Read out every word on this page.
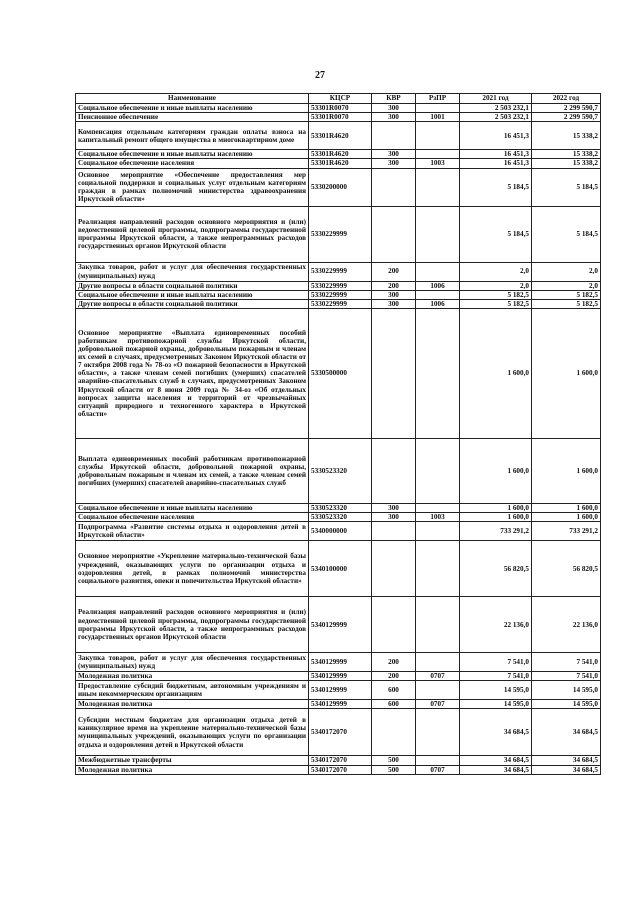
27
Наименование	КЦСР	КВР	РзПР	2021 год	2022 год
Социальное обеспечение и иные выплаты населению	53301R0070	300		2 503 232,1	2 299 590,7
Пенсионное обеспечение	53301R0070	300	1001	2 503 232,1	2 299 590,7
Компенсация отдельным категориям граждан оплаты взноса на капитальный ремонт общего имущества в многоквартирном доме	53301R4620			16 451,3	15 338,2
Социальное обеспечение и иные выплаты населению	53301R4620	300		16 451,3	15 338,2
Социальное обеспечение населения	53301R4620	300	1003	16 451,3	15 338,2
Основное мероприятие «Обеспечение предоставления мер социальной поддержки и социальных услуг отдельным категориям граждан в рамках полномочий министерства здравоохранения Иркутской области»	5330200000			5 184,5	5 184,5
Реализация направлений расходов основного мероприятия и (или) ведомственной целевой программы, подпрограммы государственной программы Иркутской области, а также непрограммных расходов государственных органов Иркутской области	5330229999			5 184,5	5 184,5
Закупка товаров, работ и услуг для обеспечения государственных (муниципальных) нужд	5330229999	200		2,0	2,0
Другие вопросы в области социальной политики	5330229999	200	1006	2,0	2,0
Социальное обеспечение и иные выплаты населению	5330229999	300		5 182,5	5 182,5
Другие вопросы в области социальной политики	5330229999	300	1006	5 182,5	5 182,5
Основное мероприятие «Выплата единовременных пособий работникам противопожарной службы Иркутской области, добровольной пожарной охраны, добровольным пожарным и членам их семей в случаях, предусмотренных Законом Иркутской области от 7 октября 2008 года № 78-оз «О пожарной безопасности в Иркутской области», а также членам семей погибших (умерших) спасателей аварийно-спасательных служб в случаях, предусмотренных Законом Иркутской области от 8 июня 2009 года № 34-оз «Об отдельных вопросах защиты населения и территорий от чрезвычайных ситуаций природного и техногенного характера в Иркутской области»	5330500000			1 600,0	1 600,0
Выплата единовременных пособий работникам противопожарной службы Иркутской области, добровольной пожарной охраны, добровольным пожарным и членам их семей, а также членам семей погибших (умерших) спасателей аварийно-спасательных служб	5330523320			1 600,0	1 600,0
Социальное обеспечение и иные выплаты населению	5330523320	300		1 600,0	1 600,0
Социальное обеспечение населения	5330523320	300	1003	1 600,0	1 600,0
Подпрограмма «Развитие системы отдыха и оздоровления детей в Иркутской области»	5340000000			733 291,2	733 291,2
Основное мероприятие «Укрепление материально-технической базы учреждений, оказывающих услуги по организации отдыха и оздоровления детей, в рамках полномочий министерства социального развития, опеки и попечительства Иркутской области»	5340100000			56 820,5	56 820,5
Реализация направлений расходов основного мероприятия и (или) ведомственной целевой программы, подпрограммы государственной программы Иркутской области, а также непрограммных расходов государственных органов Иркутской области	5340129999			22 136,0	22 136,0
Закупка товаров, работ и услуг для обеспечения государственных (муниципальных) нужд	5340129999	200		7 541,0	7 541,0
Молодежная политика	5340129999	200	0707	7 541,0	7 541,0
Предоставление субсидий бюджетным, автономным учреждениям и иным некоммерческим организациям	5340129999	600		14 595,0	14 595,0
Молодежная политика	5340129999	600	0707	14 595,0	14 595,0
Субсидии местным бюджетам для организации отдыха детей в каникулярное время на укрепление материально-технической базы муниципальных учреждений, оказывающих услуги по организации отдыха и оздоровления детей в Иркутской области	5340172070			34 684,5	34 684,5
Межбюджетные трансферты	5340172070	500		34 684,5	34 684,5
Молодежная политика	5340172070	500	0707	34 684,5	34 684,5
